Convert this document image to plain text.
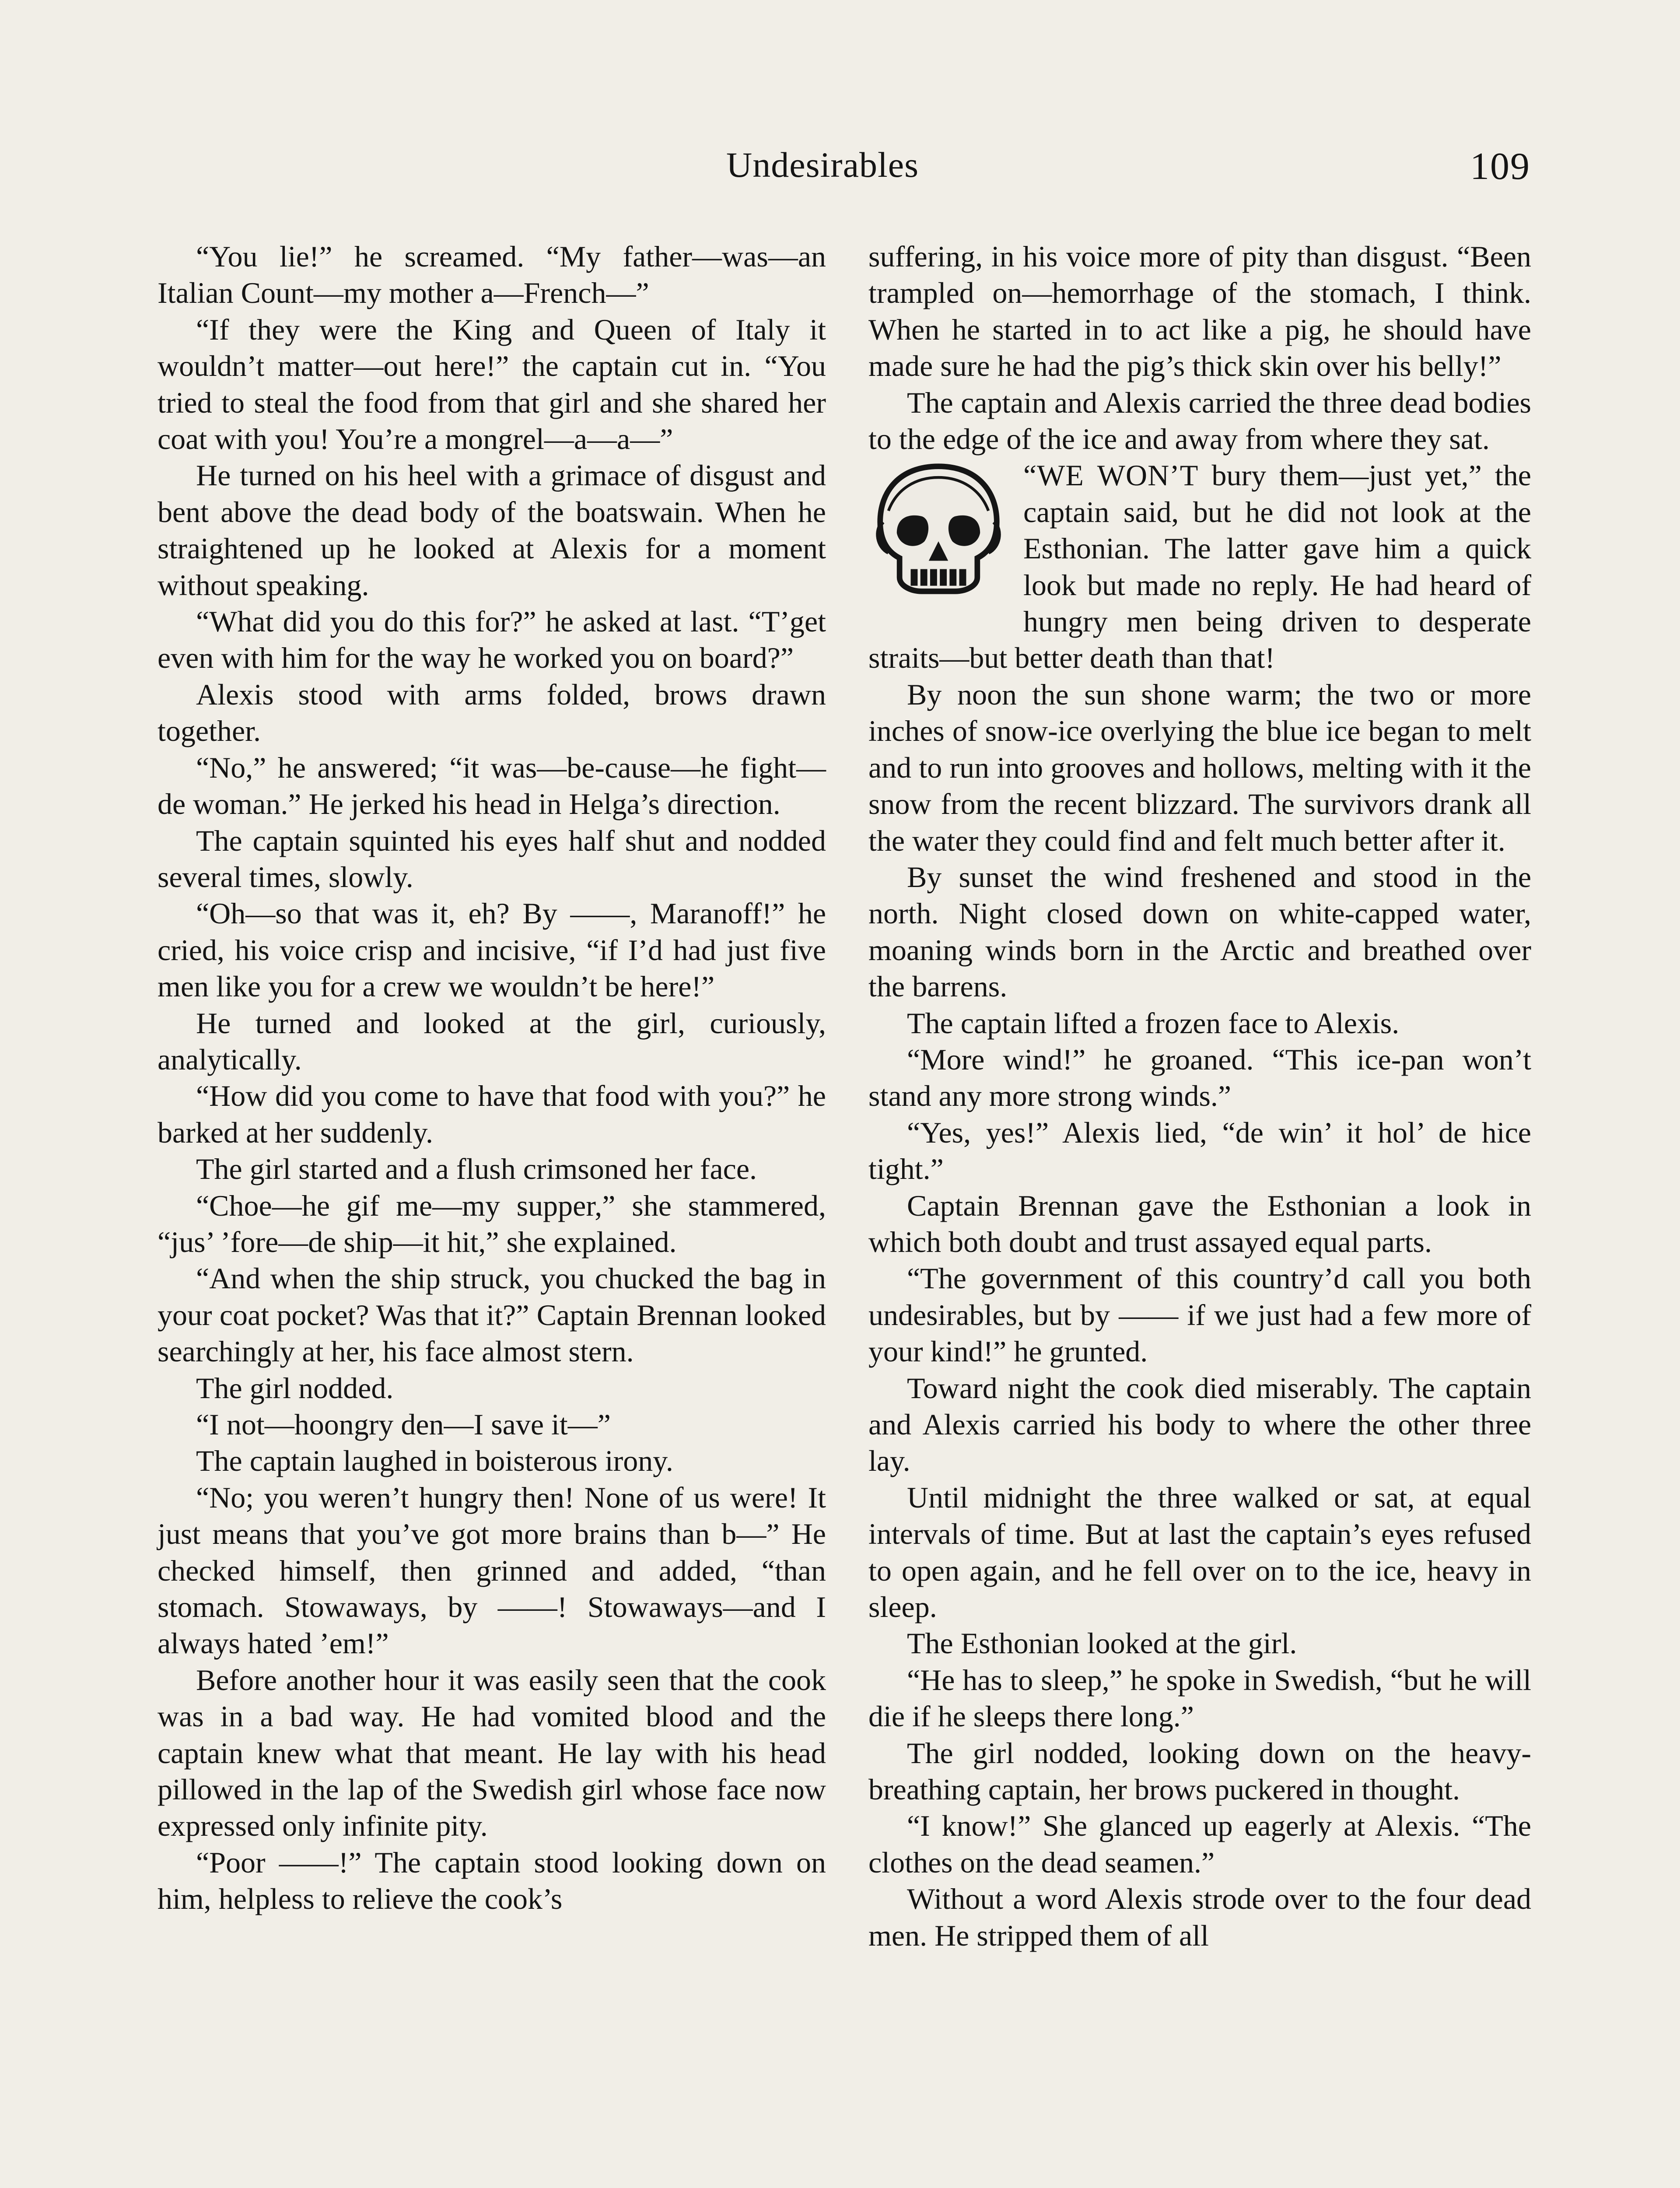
Undesirables	109

“You lie!” he screamed. “My father—was—an Italian Count—my mother a—French—”

“If they were the King and Queen of Italy it wouldn’t matter—out here!” the captain cut in. “You tried to steal the food from that girl and she shared her coat with you! You’re a mongrel—a—a—”

He turned on his heel with a grimace of disgust and bent above the dead body of the boatswain. When he straightened up he looked at Alexis for a moment without speaking.

“What did you do this for?” he asked at last. “T’get even with him for the way he worked you on board?”

Alexis stood with arms folded, brows drawn together.

“No,” he answered; “it was—be-cause—he fight—de woman.” He jerked his head in Helga’s direction.

The captain squinted his eyes half shut and nodded several times, slowly.

“Oh—so that was it, eh? By ——, Maranoff!” he cried, his voice crisp and incisive, “if I’d had just five men like you for a crew we wouldn’t be here!”

He turned and looked at the girl, curiously, analytically.

“How did you come to have that food with you?” he barked at her suddenly.

The girl started and a flush crimsoned her face.

“Choe—he gif me—my supper,” she stammered, “jus’ ’fore—de ship—it hit,” she explained.

“And when the ship struck, you chucked the bag in your coat pocket? Was that it?” Captain Brennan looked searchingly at her, his face almost stern.

The girl nodded.

“I not—hoongry den—I save it—”

The captain laughed in boisterous irony.

“No; you weren’t hungry then! None of us were! It just means that you’ve got more brains than b—” He checked himself, then grinned and added, “than stomach. Stowaways, by ——! Stowaways—and I always hated ’em!”

Before another hour it was easily seen that the cook was in a bad way. He had vomited blood and the captain knew what that meant. He lay with his head pillowed in the lap of the Swedish girl whose face now expressed only infinite pity.

“Poor ——!” The captain stood looking down on him, helpless to relieve the cook’s

suffering, in his voice more of pity than disgust. “Been trampled on—hemorrhage of the stomach, I think. When he started in to act like a pig, he should have made sure he had the pig’s thick skin over his belly!”

The captain and Alexis carried the three dead bodies to the edge of the ice and away from where they sat.

“WE WON’T bury them—just yet,” the captain said, but he did not look at the Esthonian. The latter gave him a quick look but made no reply. He had heard of hungry men being driven to desperate straits—but better death than that!

By noon the sun shone warm; the two or more inches of snow-ice overlying the blue ice began to melt and to run into grooves and hollows, melting with it the snow from the recent blizzard. The survivors drank all the water they could find and felt much better after it.

By sunset the wind freshened and stood in the north. Night closed down on white-capped water, moaning winds born in the Arctic and breathed over the barrens.

The captain lifted a frozen face to Alexis.

“More wind!” he groaned. “This ice-pan won’t stand any more strong winds.”

“Yes, yes!” Alexis lied, “de win’ it hol’ de hice tight.”

Captain Brennan gave the Esthonian a look in which both doubt and trust assayed equal parts.

“The government of this country’d call you both undesirables, but by —— if we just had a few more of your kind!” he grunted.

Toward night the cook died miserably. The captain and Alexis carried his body to where the other three lay.

Until midnight the three walked or sat, at equal intervals of time. But at last the captain’s eyes refused to open again, and he fell over on to the ice, heavy in sleep.

The Esthonian looked at the girl.

“He has to sleep,” he spoke in Swedish, “but he will die if he sleeps there long.”

The girl nodded, looking down on the heavy-breathing captain, her brows puckered in thought.

“I know!” She glanced up eagerly at Alexis. “The clothes on the dead seamen.”

Without a word Alexis strode over to the four dead men. He stripped them of all
